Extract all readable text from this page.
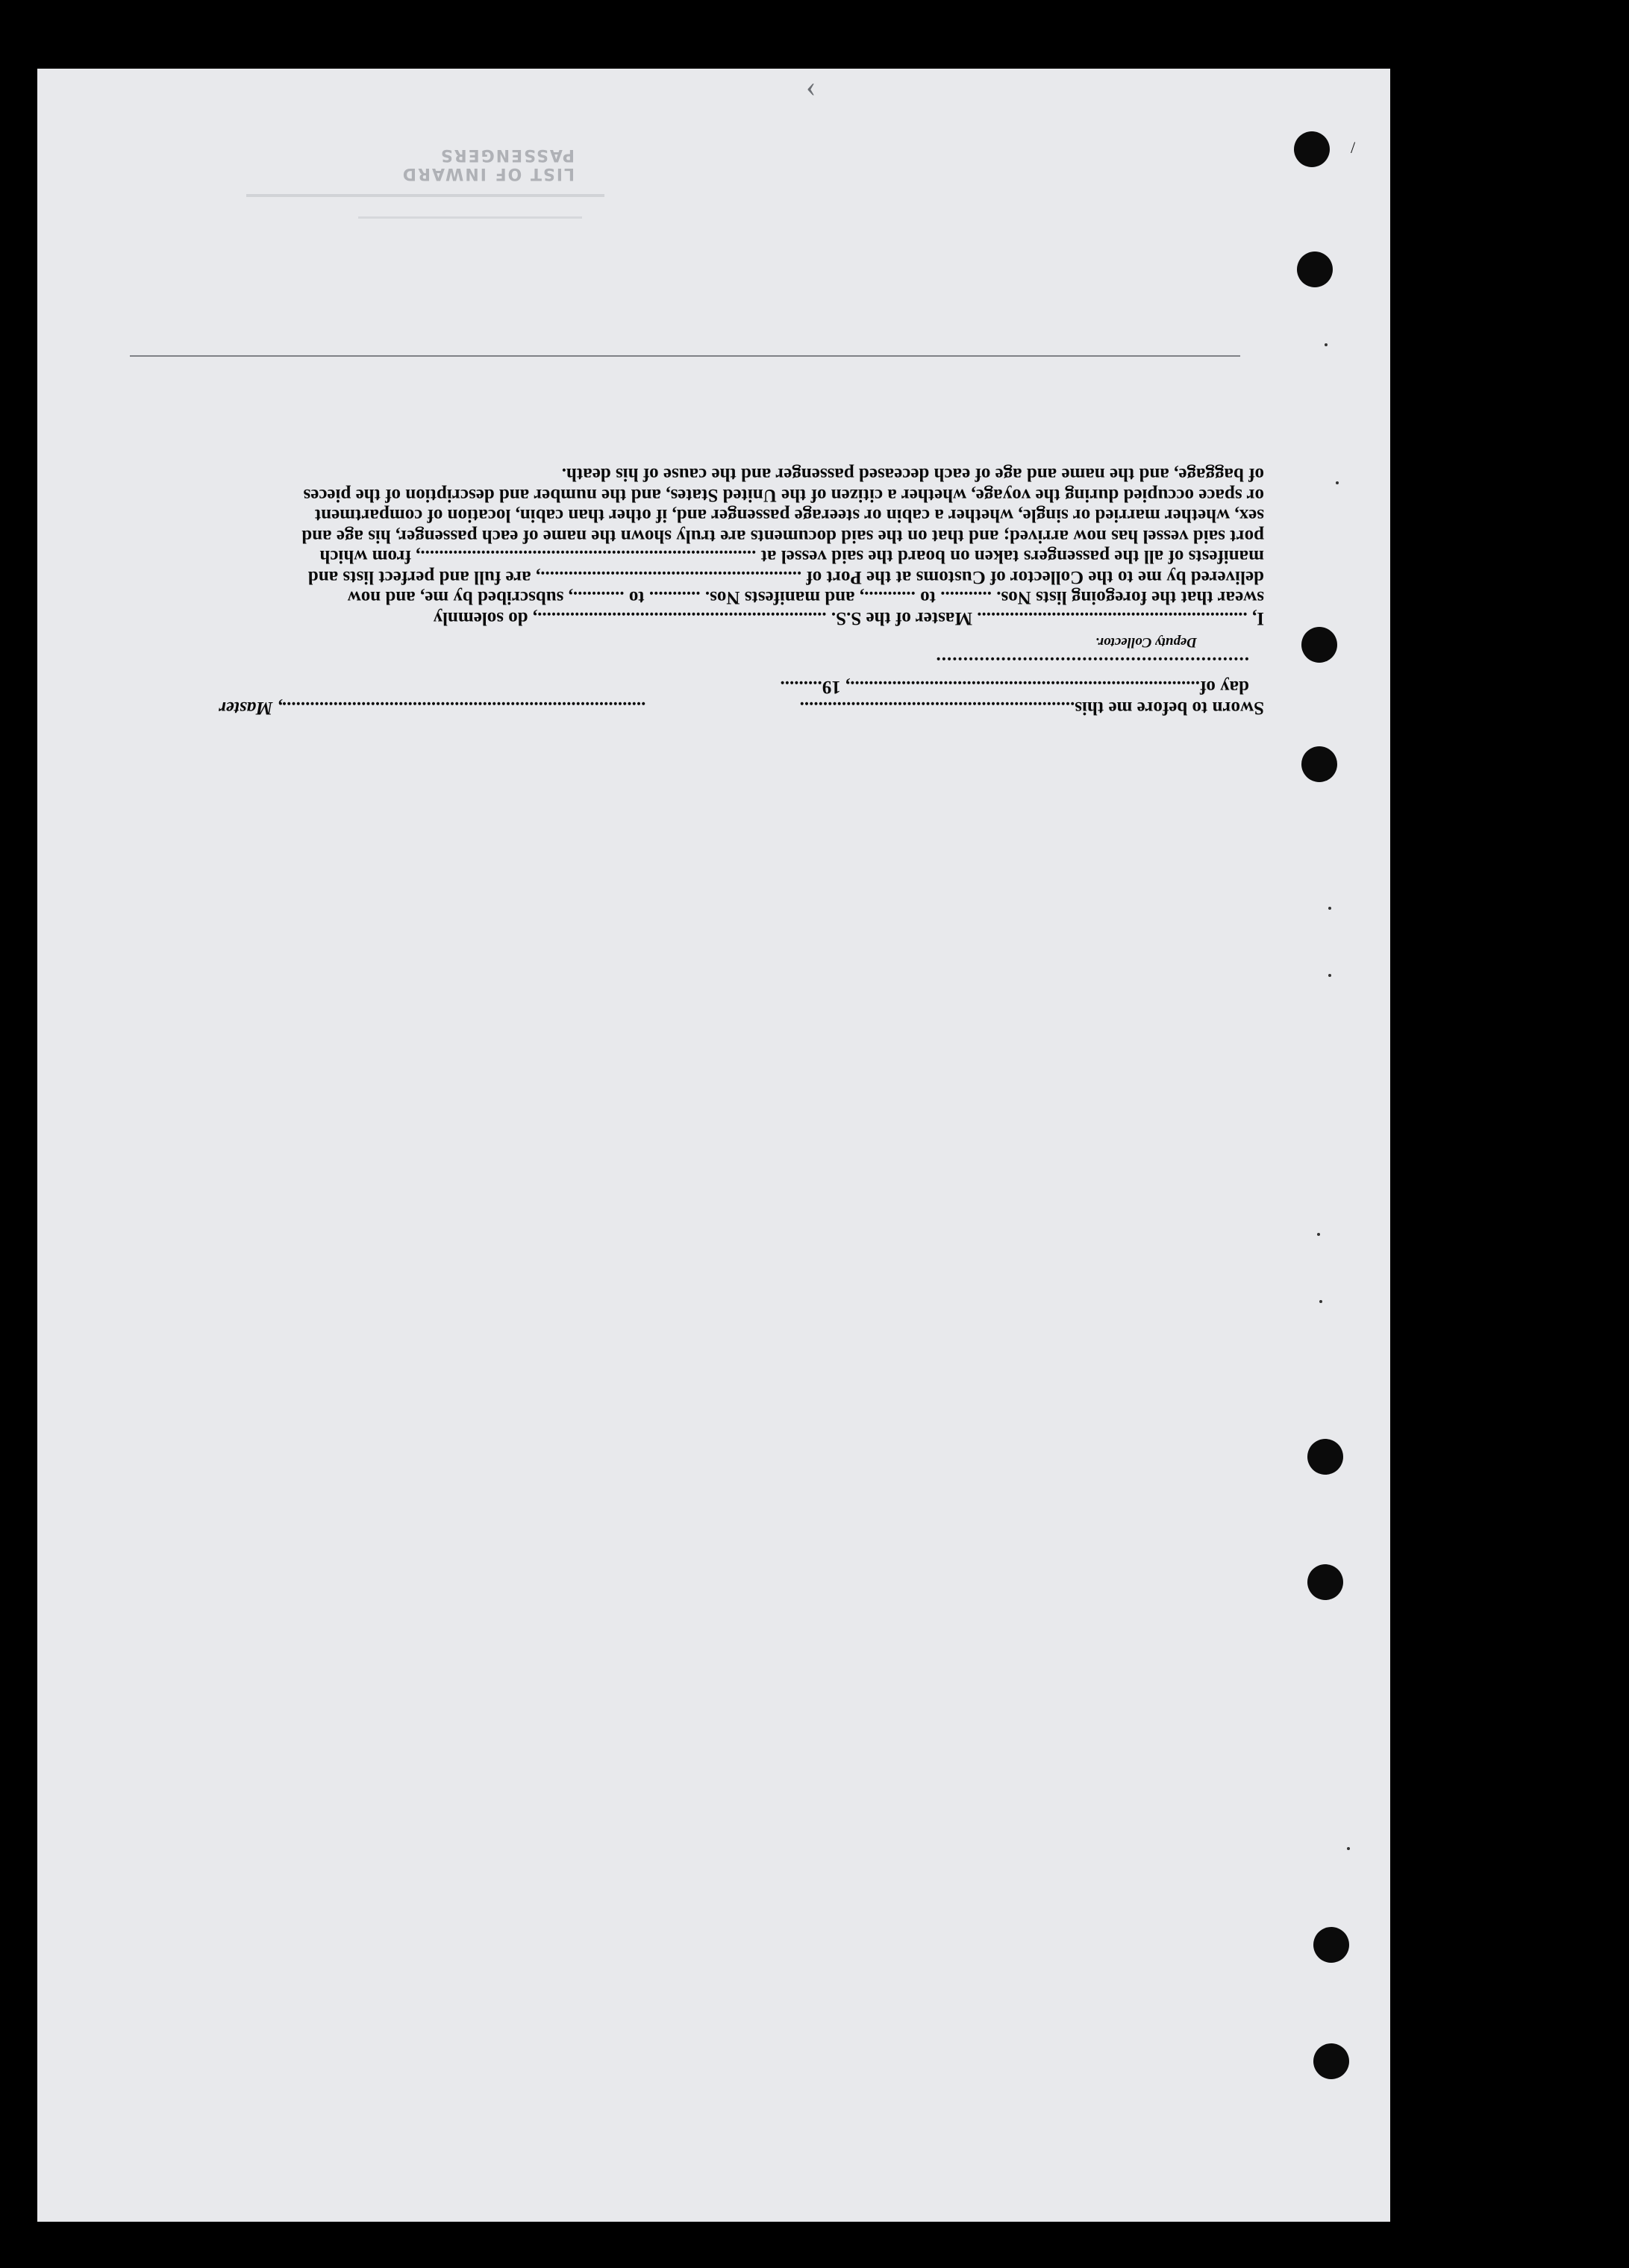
‹
LIST OF INWARD PASSENGERS	/

I, .......................................................... Master of the S.S. .............................................................., do solemnly

swear that the foregoing lists Nos. ........... to ..........., and manifests Nos. ........... to ..........., subscribed by me, and now

delivered by me to the Collector of Customs at the Port of ........................................................, are full and perfect lists and

manifests of all the passengers taken on board the said vessel at ........................................................................, from which

port said vessel has now arrived; and that on the said documents are truly shown the name of each passenger, his age and

sex, whether married or single, whether a cabin or steerage passenger and, if other than cabin, location of compartment

or space occupied during the voyage, whether a citizen of the United States, and the number and description of the pieces

of baggage, and the name and age of each deceased passenger and the cause of his death.

Sworn to before me this........................................................... .............................................................................., Master
day of..........................................................................., 19.........
..........................................................
Deputy Collector.
